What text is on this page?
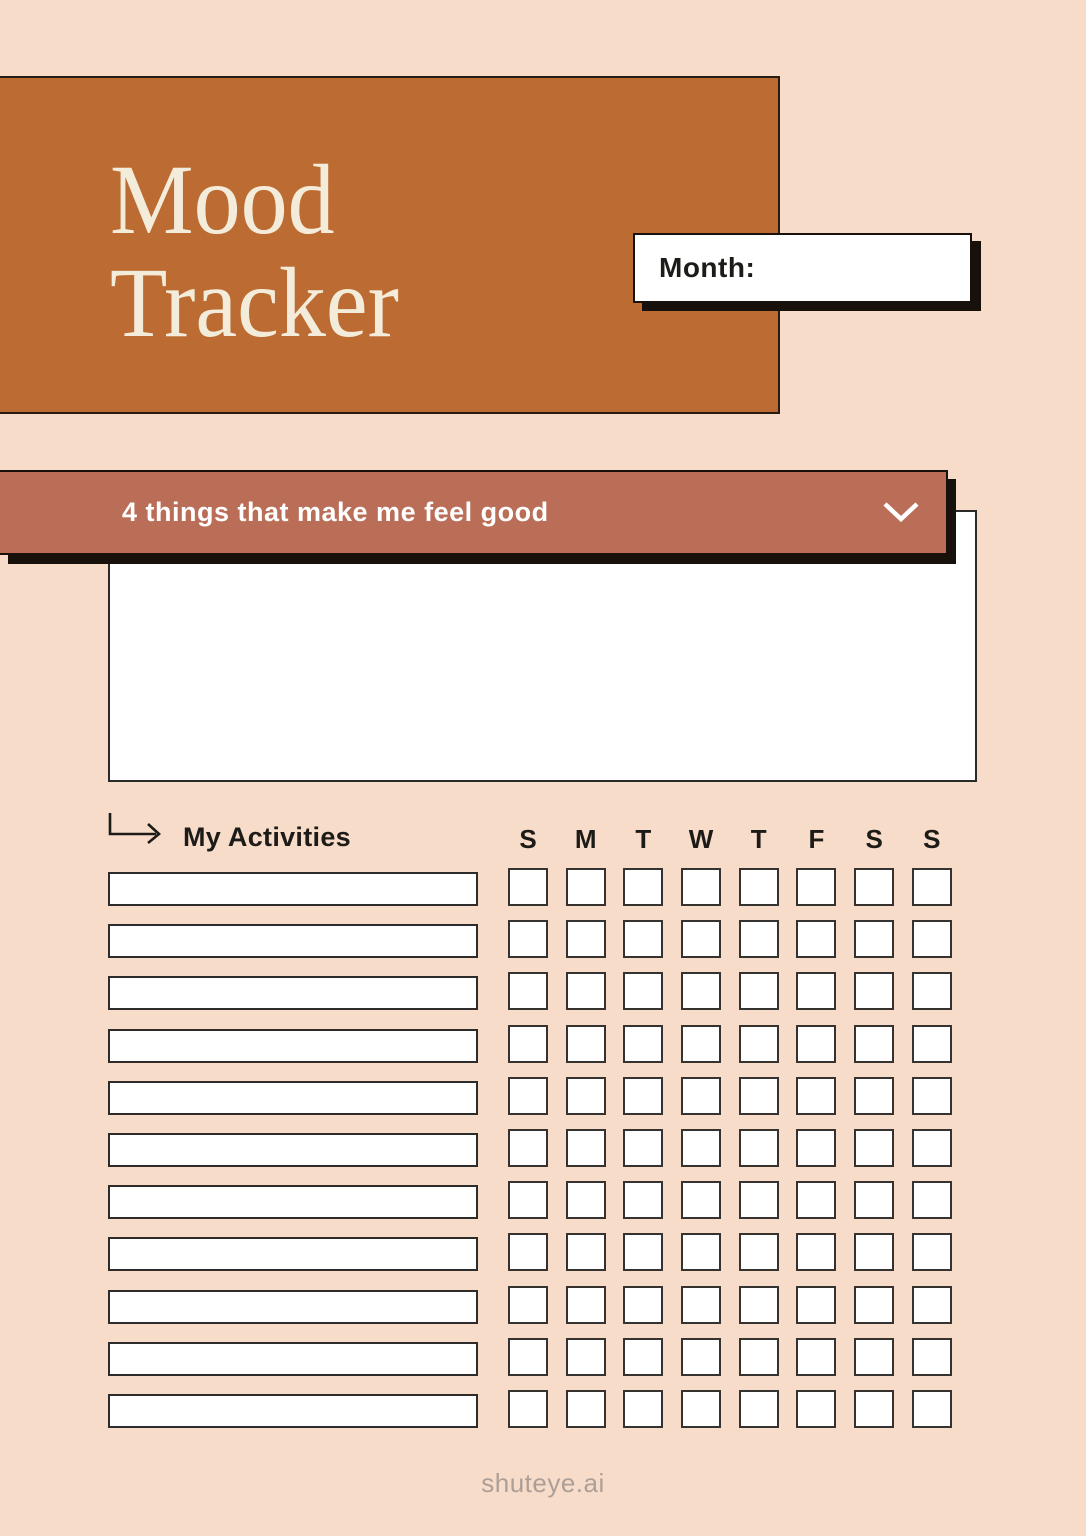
Mood
Tracker	Month:
4 things that make me feel good
My Activities	S	M	T	W	T	F	S	S
shuteye.ai
